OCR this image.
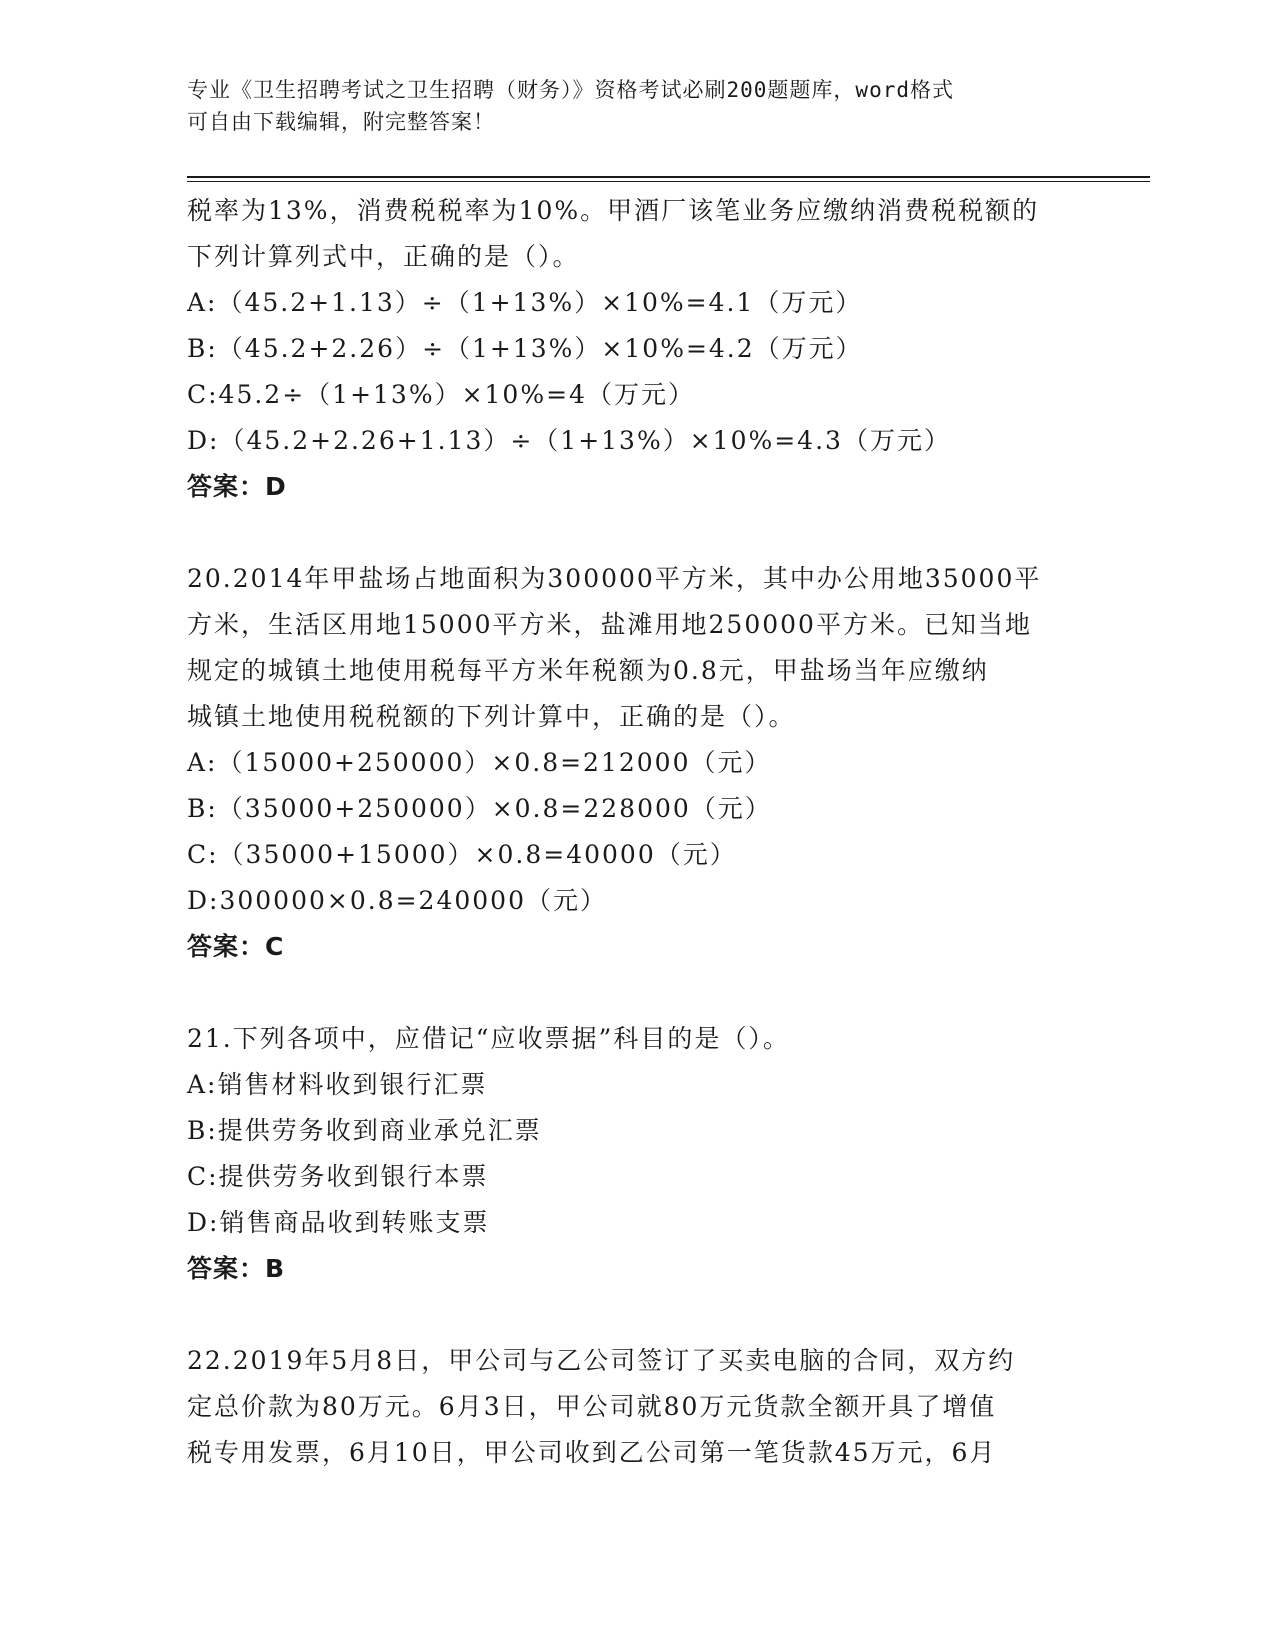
专业《卫生招聘考试之卫生招聘（财务）》资格考试必刷200题题库，word格式
可自由下载编辑，附完整答案！
税率为13%，消费税税率为10%。甲酒厂该笔业务应缴纳消费税税额的
下列计算列式中，正确的是（）。
A:（45.2+1.13）÷（1+13%）×10%=4.1（万元）
B:（45.2+2.26）÷（1+13%）×10%=4.2（万元）
C:45.2÷（1+13%）×10%=4（万元）
D:（45.2+2.26+1.13）÷（1+13%）×10%=4.3（万元）
答案：D
20.2014年甲盐场占地面积为300000平方米，其中办公用地35000平
方米，生活区用地15000平方米，盐滩用地250000平方米。已知当地
规定的城镇土地使用税每平方米年税额为0.8元，甲盐场当年应缴纳
城镇土地使用税税额的下列计算中，正确的是（）。
A:（15000+250000）×0.8=212000（元）
B:（35000+250000）×0.8=228000（元）
C:（35000+15000）×0.8=40000（元）
D:300000×0.8=240000（元）
答案：C
21.下列各项中，应借记“应收票据”科目的是（）。
A:销售材料收到银行汇票
B:提供劳务收到商业承兑汇票
C:提供劳务收到银行本票
D:销售商品收到转账支票
答案：B
22.2019年5月8日，甲公司与乙公司签订了买卖电脑的合同，双方约
定总价款为80万元。6月3日，甲公司就80万元货款全额开具了增值
税专用发票，6月10日，甲公司收到乙公司第一笔货款45万元，6月
